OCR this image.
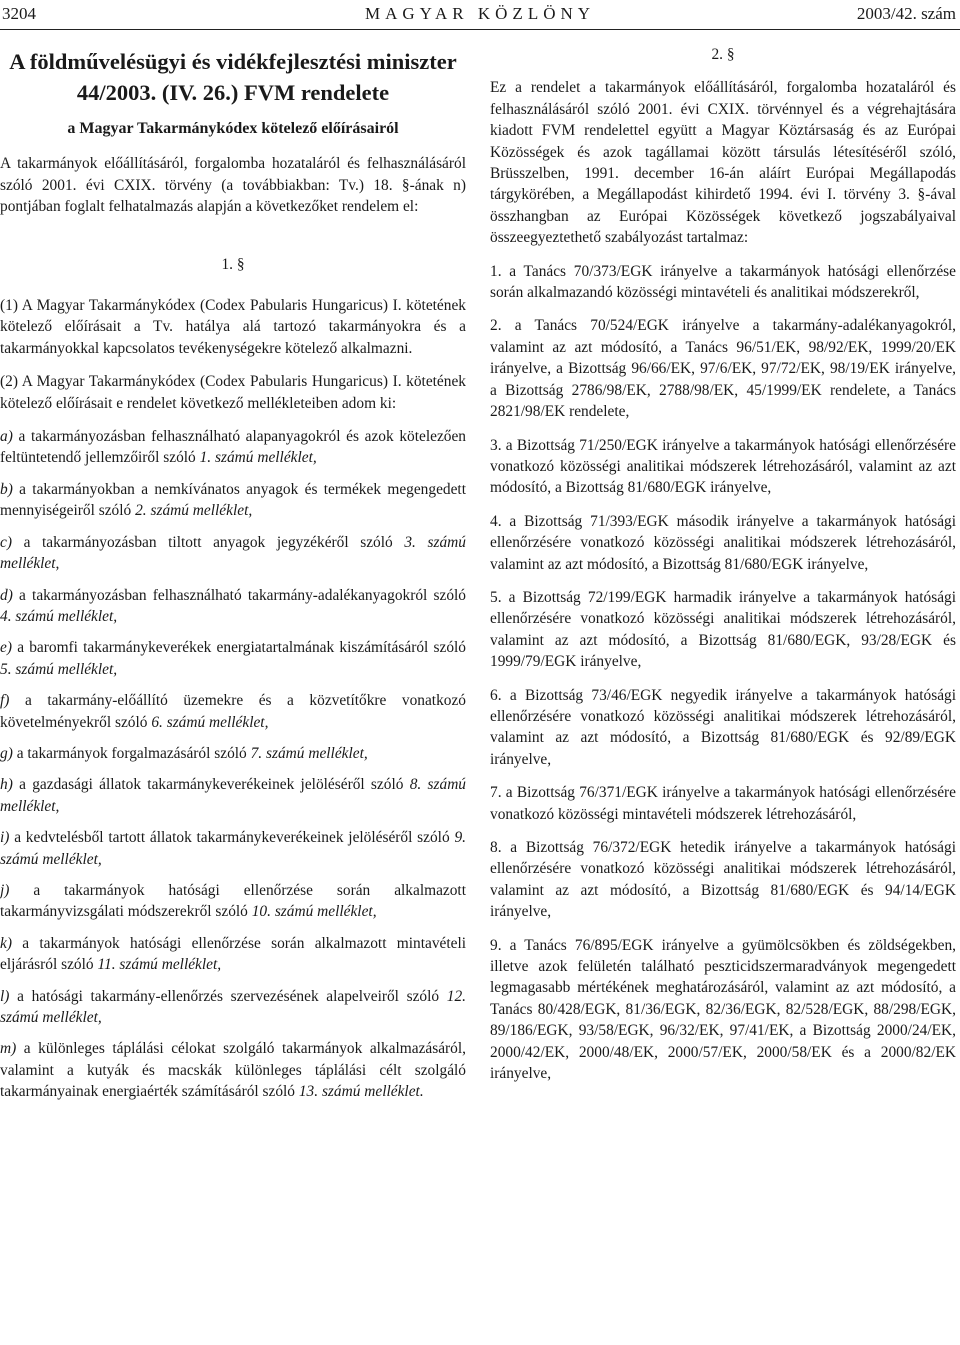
3204	MAGYAR KÖZLÖNY	2003/42. szám
A földművelésügyi és vidékfejlesztési miniszter 44/2003. (IV. 26.) FVM rendelete
a Magyar Takarmánykódex kötelező előírásairól

A takarmányok előállításáról, forgalomba hozataláról és felhasználásáról szóló 2001. évi CXIX. törvény (a továbbiakban: Tv.) 18. §-ának n) pontjában foglalt felhatalmazás alapján a következőket rendelem el:

1. §

(1) A Magyar Takarmánykódex (Codex Pabularis Hungaricus) I. kötetének kötelező előírásait a Tv. hatálya alá tartozó takarmányokra és a takarmányokkal kapcsolatos tevékenységekre kötelező alkalmazni.

(2) A Magyar Takarmánykódex (Codex Pabularis Hungaricus) I. kötetének kötelező előírásait e rendelet következő mellékleteiben adom ki:

a) a takarmányozásban felhasználható alapanyagokról és azok kötelezően feltüntetendő jellemzőiről szóló 1. számú melléklet,

b) a takarmányokban a nemkívánatos anyagok és termékek megengedett mennyiségeiről szóló 2. számú melléklet,

c) a takarmányozásban tiltott anyagok jegyzékéről szóló 3. számú melléklet,

d) a takarmányozásban felhasználható takarmány-adalékanyagokról szóló 4. számú melléklet,

e) a baromfi takarmánykeverékek energiatartalmának kiszámításáról szóló 5. számú melléklet,

f) a takarmány-előállító üzemekre és a közvetítőkre vonatkozó követelményekről szóló 6. számú melléklet,

g) a takarmányok forgalmazásáról szóló 7. számú melléklet,

h) a gazdasági állatok takarmánykeverékeinek jelöléséről szóló 8. számú melléklet,

i) a kedvtelésből tartott állatok takarmánykeverékeinek jelöléséről szóló 9. számú melléklet,

j) a takarmányok hatósági ellenőrzése során alkalmazott takarmányvizsgálati módszerekről szóló 10. számú melléklet,

k) a takarmányok hatósági ellenőrzése során alkalmazott mintavételi eljárásról szóló 11. számú melléklet,

l) a hatósági takarmány-ellenőrzés szervezésének alapelveiről szóló 12. számú melléklet,

m) a különleges táplálási célokat szolgáló takarmányok alkalmazásáról, valamint a kutyák és macskák különleges táplálási célt szolgáló takarmányainak energiaérték számításáról szóló 13. számú melléklet.

2. §

Ez a rendelet a takarmányok előállításáról, forgalomba hozataláról és felhasználásáról szóló 2001. évi CXIX. törvénnyel és a végrehajtására kiadott FVM rendelettel együtt a Magyar Köztársaság és az Európai Közösségek és azok tagállamai között társulás létesítéséről szóló, Brüsszelben, 1991. december 16-án aláírt Európai Megállapodás tárgykörében, a Megállapodást kihirdető 1994. évi I. törvény 3. §-ával összhangban az Európai Közösségek következő jogszabályaival összeegyeztethető szabályozást tartalmaz:

1. a Tanács 70/373/EGK irányelve a takarmányok hatósági ellenőrzése során alkalmazandó közösségi mintavételi és analitikai módszerekről,

2. a Tanács 70/524/EGK irányelve a takarmány-adalékanyagokról, valamint az azt módosító, a Tanács 96/51/EK, 98/92/EK, 1999/20/EK irányelve, a Bizottság 96/66/EK, 97/6/EK, 97/72/EK, 98/19/EK irányelve, a Bizottság 2786/98/EK, 2788/98/EK, 45/1999/EK rendelete, a Tanács 2821/98/EK rendelete,

3. a Bizottság 71/250/EGK irányelve a takarmányok hatósági ellenőrzésére vonatkozó közösségi analitikai módszerek létrehozásáról, valamint az azt módosító, a Bizottság 81/680/EGK irányelve,

4. a Bizottság 71/393/EGK második irányelve a takarmányok hatósági ellenőrzésére vonatkozó közösségi analitikai módszerek létrehozásáról, valamint az azt módosító, a Bizottság 81/680/EGK irányelve,

5. a Bizottság 72/199/EGK harmadik irányelve a takarmányok hatósági ellenőrzésére vonatkozó közösségi analitikai módszerek létrehozásáról, valamint az azt módosító, a Bizottság 81/680/EGK, 93/28/EGK és 1999/79/EGK irányelve,

6. a Bizottság 73/46/EGK negyedik irányelve a takarmányok hatósági ellenőrzésére vonatkozó közösségi analitikai módszerek létrehozásáról, valamint az azt módosító, a Bizottság 81/680/EGK és 92/89/EGK irányelve,

7. a Bizottság 76/371/EGK irányelve a takarmányok hatósági ellenőrzésére vonatkozó közösségi mintavételi módszerek létrehozásáról,

8. a Bizottság 76/372/EGK hetedik irányelve a takarmányok hatósági ellenőrzésére vonatkozó közösségi analitikai módszerek létrehozásáról, valamint az azt módosító, a Bizottság 81/680/EGK és 94/14/EGK irányelve,

9. a Tanács 76/895/EGK irányelve a gyümölcsökben és zöldségekben, illetve azok felületén található peszticidszermaradványok megengedett legmagasabb mértékének meghatározásáról, valamint az azt módosító, a Tanács 80/428/EGK, 81/36/EGK, 82/36/EGK, 82/528/EGK, 88/298/EGK, 89/186/EGK, 93/58/EGK, 96/32/EK, 97/41/EK, a Bizottság 2000/24/EK, 2000/42/EK, 2000/48/EK, 2000/57/EK, 2000/58/EK és a 2000/82/EK irányelve,
